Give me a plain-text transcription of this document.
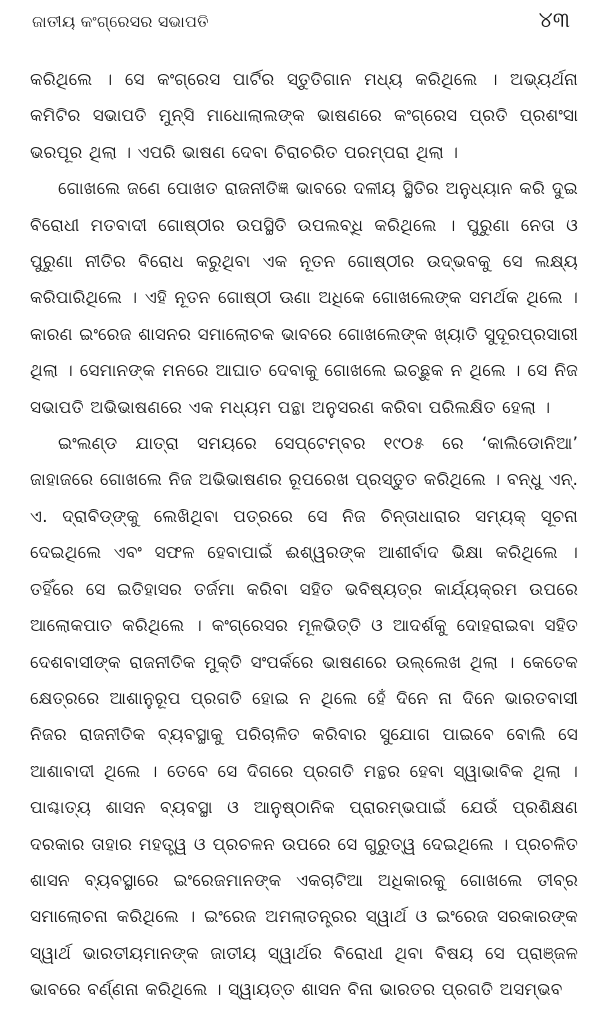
ଜାତୀୟ କଂଗ୍ରେସର ସଭାପତି	୪୩

କରିଥିଲେ । ସେ କଂଗ୍ରେସ ପାର୍ଟିର ସ୍ତୁତିଗାନ ମଧ୍ୟ କରିଥିଲେ । ଅଭ୍ୟର୍ଥନା କମିଟିର ସଭାପତି ମୁନ୍ସି ମାଧୋଲାଲଙ୍କ ଭାଷଣରେ କଂଗ୍ରେସ ପ୍ରତି ପ୍ରଶଂସା ଭରପୂର ଥିଲା । ଏପରି ଭାଷଣ ଦେବା ଚିରାଚରିତ ପରମ୍ପରା ଥିଲା ।

ଗୋଖଲେ ଜଣେ ପୋଖତ ରାଜନୀତିଜ୍ଞ ଭାବରେ ଦଳୀୟ ସ୍ଥିତିର ଅନୁଧ୍ୟାନ କରି ଦୁଇ ବିରୋଧୀ ମତବାଦୀ ଗୋଷ୍ଠୀର ଉପସ୍ଥିତି ଉପଲବ୍ଧି କରିଥିଲେ । ପୁରୁଣା ନେତା ଓ ପୁରୁଣା ନୀତିର ବିରୋଧ କରୁଥିବା ଏକ ନୂତନ ଗୋଷ୍ଠୀର ଉଦ୍‌ଭବକୁ ସେ ଲକ୍ଷ୍ୟ କରିପାରିଥିଲେ । ଏହି ନୂତନ ଗୋଷ୍ଠୀ ଊଣା ଅଧିକେ ଗୋଖଲେଙ୍କ ସମର୍ଥକ ଥିଲେ । କାରଣ ଇଂରେଜ ଶାସନର ସମାଲୋଚକ ଭାବରେ ଗୋଖଲେଙ୍କ ଖ୍ୟାତି ସୁଦୂରପ୍ରସାରୀ ଥିଲା । ସେମାନଙ୍କ ମନରେ ଆଘାତ ଦେବାକୁ ଗୋଖଲେ ଇଚ୍ଛୁକ ନ ଥିଲେ । ସେ ନିଜ ସଭାପତି ଅଭିଭାଷଣରେ ଏକ ମଧ୍ୟମ ପନ୍ଥା ଅନୁସରଣ କରିବା ପରିଲକ୍ଷିତ ହେଲା ।

ଇଂଲଣ୍ଡ ଯାତ୍ରା ସମୟରେ ସେପ୍ଟେମ୍ବର ୧୯୦୫ ରେ ‘କାଲିଡୋନିଆ’ ଜାହାଜରେ ଗୋଖଲେ ନିଜ ଅଭିଭାଷଣର ରୂପରେଖ ପ୍ରସ୍ତୁତ କରିଥିଲେ । ବନ୍ଧୁ ଏନ୍. ଏ. ଦ୍ରାବିଡ୍‌ଙ୍କୁ ଲେଖିଥିବା ପତ୍ରରେ ସେ ନିଜ ଚିନ୍ତାଧାରାର ସମ୍ୟକ୍ ସୂଚନା ଦେଇଥିଲେ ଏବଂ ସଫଳ ହେବାପାଇଁ ଈଶ୍ୱରଙ୍କ ଆଶୀର୍ବାଦ ଭିକ୍ଷା କରିଥିଲେ । ତହିଁରେ ସେ ଇତିହାସର ତର୍ଜମା କରିବା ସହିତ ଭବିଷ୍ୟତ୍‌ର କାର୍ଯ୍ୟକ୍ରମ ଉପରେ ଆଲୋକପାତ କରିଥିଲେ । କଂଗ୍ରେସର ମୂଳଭିତ୍ତି ଓ ଆଦର୍ଶକୁ ଦୋହରାଇବା ସହିତ ଦେଶବାସୀଙ୍କ ରାଜନୀତିକ ମୁକ୍ତି ସଂପର୍କରେ ଭାଷଣରେ ଉଲ୍ଲେଖ ଥିଲା । କେତେକ କ୍ଷେତ୍ରରେ ଆଶାନୁରୂପ ପ୍ରଗତି ହୋଇ ନ ଥିଲେ ହେଁ ଦିନେ ନା ଦିନେ ଭାରତବାସୀ ନିଜର ରାଜନୀତିକ ବ୍ୟବସ୍ଥାକୁ ପରିଚାଳିତ କରିବାର ସୁଯୋଗ ପାଇବେ ବୋଲି ସେ ଆଶାବାଦୀ ଥିଲେ । ତେବେ ସେ ଦିଗରେ ପ୍ରଗତି ମନ୍ଥର ହେବା ସ୍ୱାଭାବିକ ଥିଲା । ପାଶ୍ଚାତ୍ୟ ଶାସନ ବ୍ୟବସ୍ଥା ଓ ଆନୁଷ୍ଠାନିକ ପ୍ରାରମ୍ଭପାଇଁ ଯେଉଁ ପ୍ରଶିକ୍ଷଣ ଦରକାର ତାହାର ମହତ୍ତ୍ୱ ଓ ପ୍ରଚଳନ ଉପରେ ସେ ଗୁରୁତ୍ୱ ଦେଇଥିଲେ । ପ୍ରଚଳିତ ଶାସନ ବ୍ୟବସ୍ଥାରେ ଇଂରେଜମାନଙ୍କ ଏକଚାଟିଆ ଅଧିକାରକୁ ଗୋଖଲେ ତୀବ୍ର ସମାଲୋଚନା କରିଥିଲେ । ଇଂରେଜ ଅମଲାତନ୍ତ୍ରର ସ୍ୱାର୍ଥ ଓ ଇଂରେଜ ସରକାରଙ୍କ ସ୍ୱାର୍ଥ ଭାରତୀୟମାନଙ୍କ ଜାତୀୟ ସ୍ୱାର୍ଥର ବିରୋଧୀ ଥିବା ବିଷୟ ସେ ପ୍ରାଞ୍ଜଳ ଭାବରେ ବର୍ଣ୍ଣନା କରିଥିଲେ । ସ୍ୱାୟତ୍ତ ଶାସନ ବିନା ଭାରତର ପ୍ରଗତି ଅସମ୍ଭବ
